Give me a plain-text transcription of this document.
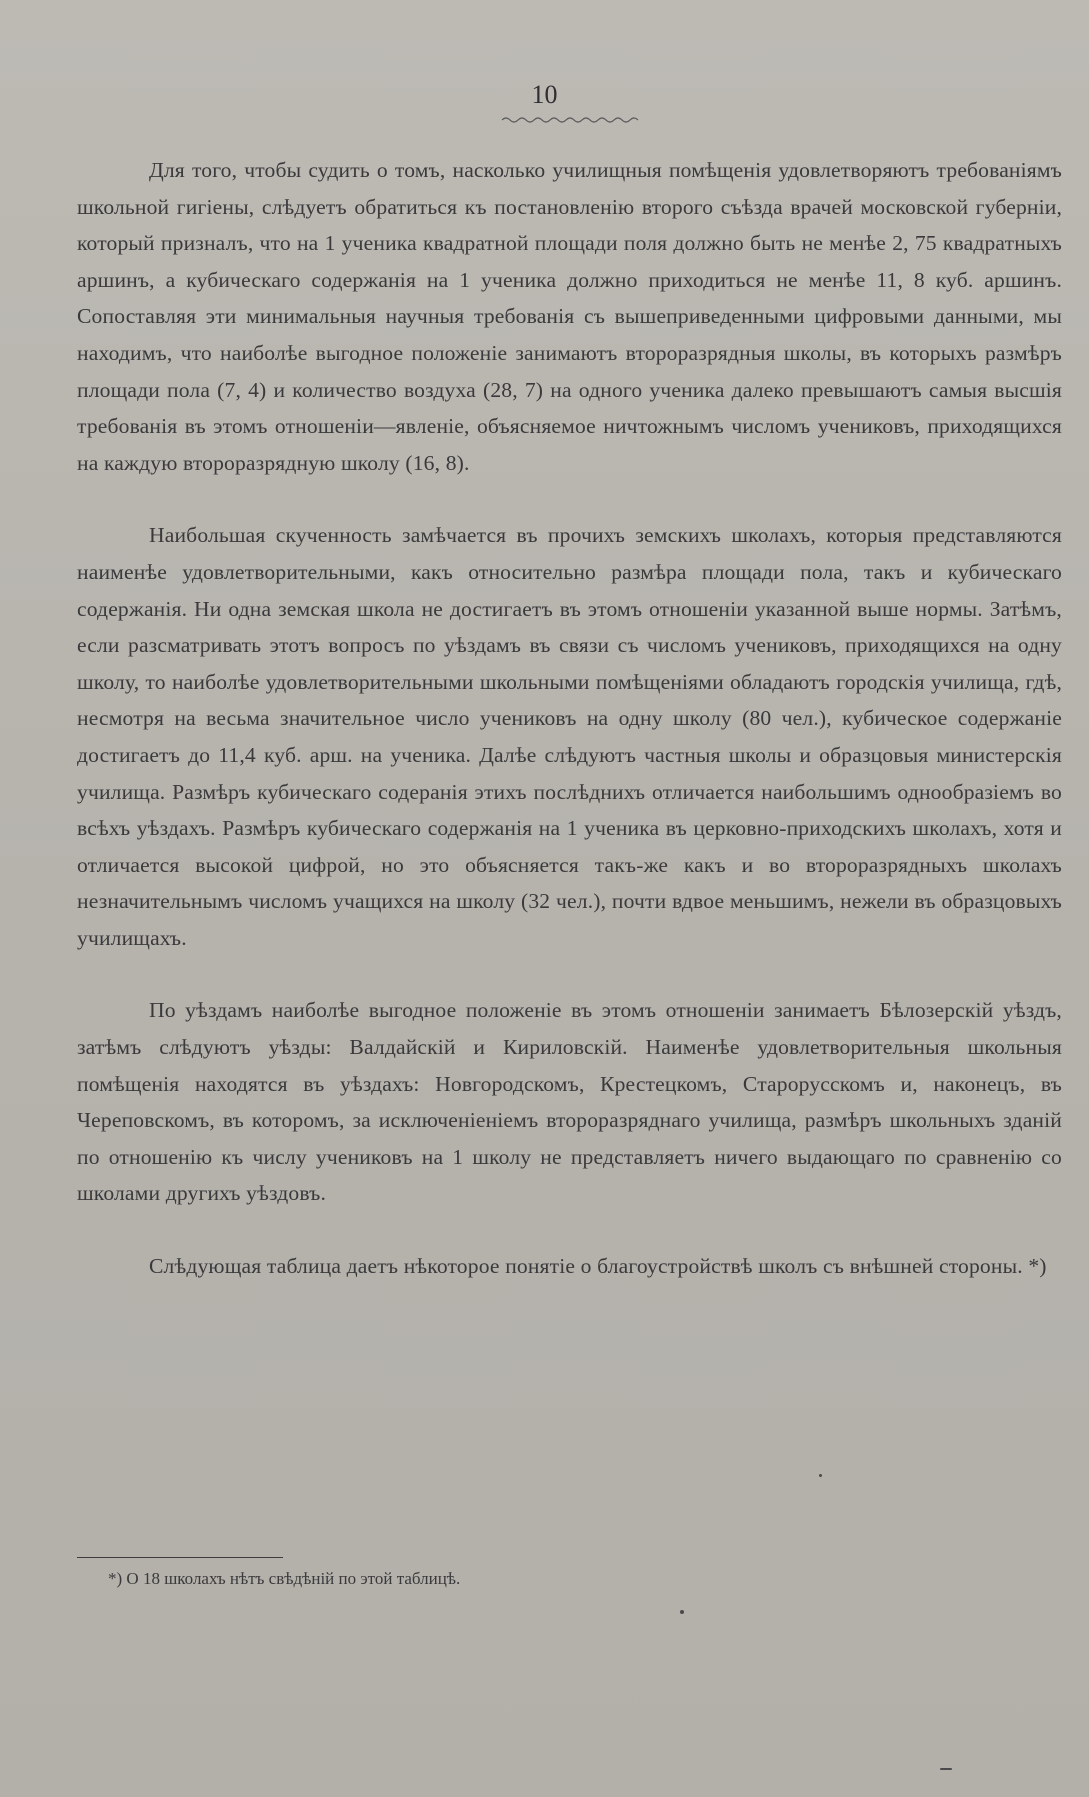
10

Для того, чтобы судить о томъ, насколько училищныя помѣщенія удовлетворяютъ требованіямъ школьной гигіены, слѣдуетъ обратиться къ постановленію второго съѣзда врачей московской губерніи, который призналъ, что на 1 ученика квадратной площади поля должно быть не менѣе 2, 75 квадратныхъ аршинъ, а кубическаго содержанія на 1 ученика должно приходиться не менѣе 11, 8 куб. аршинъ. Сопоставляя эти минимальныя научныя требованія съ вышеприведенными цифровыми данными, мы находимъ, что наиболѣе выгодное положеніе занимаютъ второразрядныя школы, въ которыхъ размѣръ площади пола (7, 4) и количество воздуха (28, 7) на одного ученика далеко превышаютъ самыя высшія требованія въ этомъ отношеніи—явленіе, объясняемое ничтожнымъ числомъ учениковъ, приходящихся на каждую второразрядную школу (16, 8).

Наибольшая скученность замѣчается въ прочихъ земскихъ школахъ, которыя представляются наименѣе удовлетворительными, какъ относительно размѣра площади пола, такъ и кубическаго содержанія. Ни одна земская школа не достигаетъ въ этомъ отношеніи указанной выше нормы. Затѣмъ, если разсматривать этотъ вопросъ по уѣздамъ въ связи съ числомъ учениковъ, приходящихся на одну школу, то наиболѣе удовлетворительными школьными помѣщеніями обладаютъ городскія училища, гдѣ, несмотря на весьма значительное число учениковъ на одну школу (80 чел.), кубическое содержаніе достигаетъ до 11,4 куб. арш. на ученика. Далѣе слѣдуютъ частныя школы и образцовыя министерскія училища. Размѣръ кубическаго содеранія этихъ послѣднихъ отличается наибольшимъ однообразіемъ во всѣхъ уѣздахъ. Размѣръ кубическаго содержанія на 1 ученика въ церковно-приходскихъ школахъ, хотя и отличается высокой цифрой, но это объясняется такъ-же какъ и во второразрядныхъ школахъ незначительнымъ числомъ учащихся на школу (32 чел.), почти вдвое меньшимъ, нежели въ образцовыхъ училищахъ.

По уѣздамъ наиболѣе выгодное положеніе въ этомъ отношеніи занимаетъ Бѣлозерскій уѣздъ, затѣмъ слѣдуютъ уѣзды: Валдайскій и Кириловскій. Наименѣе удовлетворительныя школьныя помѣщенія находятся въ уѣздахъ: Новгородскомъ, Крестецкомъ, Старорусскомъ и, наконецъ, въ Череповскомъ, въ которомъ, за исключеніеніемъ второразряднаго училища, размѣръ школьныхъ зданій по отношенію къ числу учениковъ на 1 школу не представляетъ ничего выдающаго по сравненію со школами другихъ уѣздовъ.

Слѣдующая таблица даетъ нѣкоторое понятіе о благоустройствѣ школъ съ внѣшней стороны. *)

*) О 18 школахъ нѣтъ свѣдѣній по этой таблицѣ.
